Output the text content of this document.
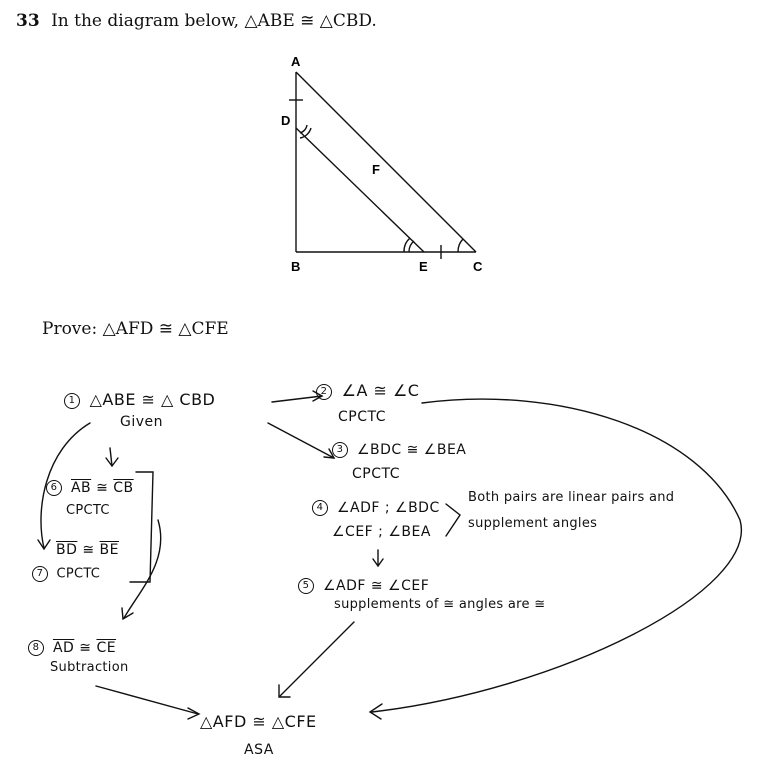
33 In the diagram below, △ABE ≅ △CBD.
A
D
F
B	E	C
Prove: △AFD ≅ △CFE
1 △ABE ≅ △ CBD
Given
2 ∠A ≅ ∠C
CPCTC
3 ∠BDC ≅ ∠BEA
CPCTC
4 ∠ADF ; ∠BDC
∠CEF ; ∠BEA
Both pairs are linear pairs and
supplement angles
5 ∠ADF ≅ ∠CEF
supplements of ≅ angles are ≅
6 $\overline{AB}$ ≅ $\overline{CB}$
CPCTC
$\overline{BD}$ ≅ $\overline{BE}$
7 CPCTC
8 $\overline{AD}$ ≅ $\overline{CE}$
Subtraction
△AFD ≅ △CFE
ASA
